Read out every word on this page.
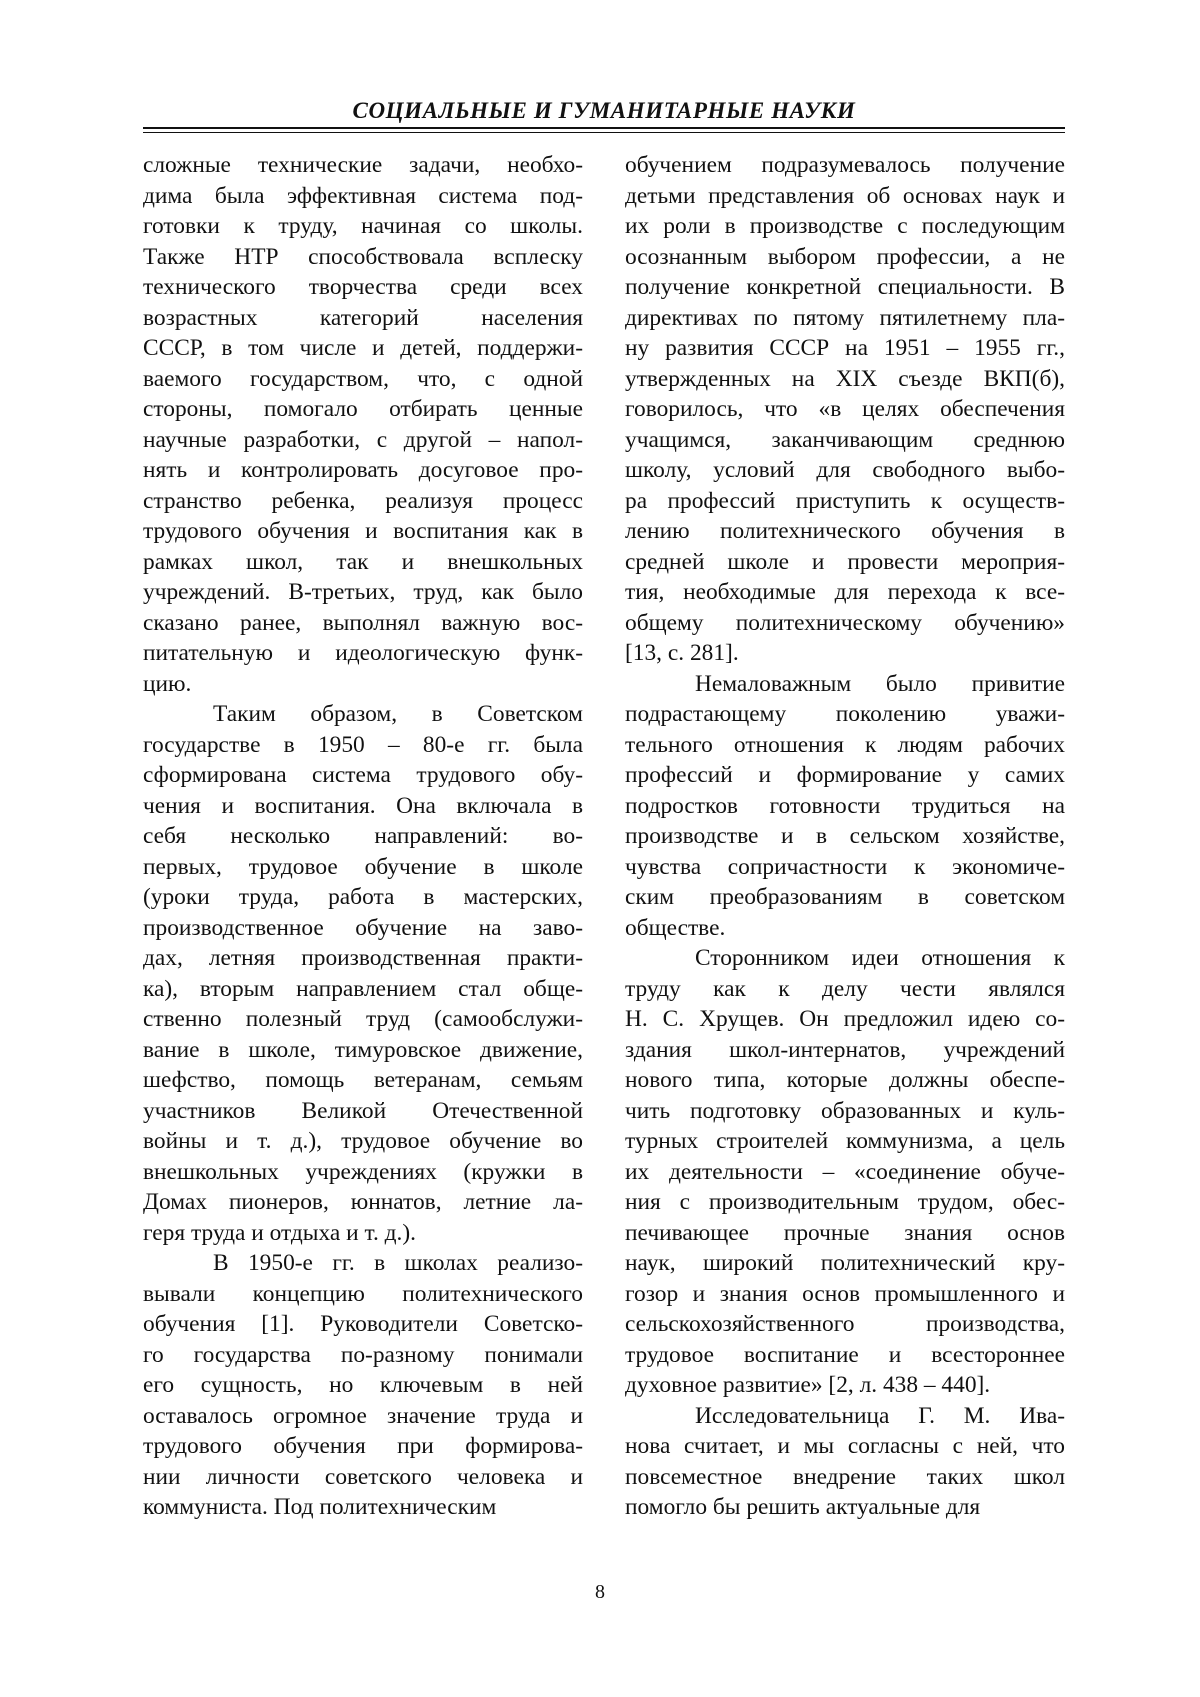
СОЦИАЛЬНЫЕ И ГУМАНИТАРНЫЕ НАУКИ
сложные технические задачи, необхо-
дима была эффективная система под-
готовки к труду, начиная со школы.
Также НТР способствовала всплеску
технического творчества среди всех
возрастных категорий населения
СССР, в том числе и детей, поддержи-
ваемого государством, что, с одной
стороны, помогало отбирать ценные
научные разработки, с другой – напол-
нять и контролировать досуговое про-
странство ребенка, реализуя процесс
трудового обучения и воспитания как в
рамках школ, так и внешкольных
учреждений. В-третьих, труд, как было
сказано ранее, выполнял важную вос-
питательную и идеологическую функ-
цию.
Таким образом, в Советском
государстве в 1950 – 80-е гг. была
сформирована система трудового обу-
чения и воспитания. Она включала в
себя несколько направлений: во-
первых, трудовое обучение в школе
(уроки труда, работа в мастерских,
производственное обучение на заво-
дах, летняя производственная практи-
ка), вторым направлением стал обще-
ственно полезный труд (самообслужи-
вание в школе, тимуровское движение,
шефство, помощь ветеранам, семьям
участников Великой Отечественной
войны и т. д.), трудовое обучение во
внешкольных учреждениях (кружки в
Домах пионеров, юннатов, летние ла-
геря труда и отдыха и т. д.).
В 1950-е гг. в школах реализо-
вывали концепцию политехнического
обучения [1]. Руководители Советско-
го государства по-разному понимали
его сущность, но ключевым в ней
оставалось огромное значение труда и
трудового обучения при формирова-
нии личности советского человека и
коммуниста. Под политехническим
обучением подразумевалось получение
детьми представления об основах наук и
их роли в производстве с последующим
осознанным выбором профессии, а не
получение конкретной специальности. В
директивах по пятому пятилетнему пла-
ну развития СССР на 1951 – 1955 гг.,
утвержденных на XIX съезде ВКП(б),
говорилось, что «в целях обеспечения
учащимся, заканчивающим среднюю
школу, условий для свободного выбо-
ра профессий приступить к осуществ-
лению политехнического обучения в
средней школе и провести мероприя-
тия, необходимые для перехода к все-
общему политехническому обучению»
[13, с. 281].
Немаловажным было привитие
подрастающему поколению уважи-
тельного отношения к людям рабочих
профессий и формирование у самих
подростков готовности трудиться на
производстве и в сельском хозяйстве,
чувства сопричастности к экономиче-
ским преобразованиям в советском
обществе.
Сторонником идеи отношения к
труду как к делу чести являлся
Н. С. Хрущев. Он предложил идею со-
здания школ-интернатов, учреждений
нового типа, которые должны обеспе-
чить подготовку образованных и куль-
турных строителей коммунизма, а цель
их деятельности – «соединение обуче-
ния с производительным трудом, обес-
печивающее прочные знания основ
наук, широкий политехнический кру-
гозор и знания основ промышленного и
сельскохозяйственного производства,
трудовое воспитание и всестороннее
духовное развитие» [2, л. 438 – 440].
Исследовательница Г. М. Ива-
нова считает, и мы согласны с ней, что
повсеместное внедрение таких школ
помогло бы решить актуальные для
8
